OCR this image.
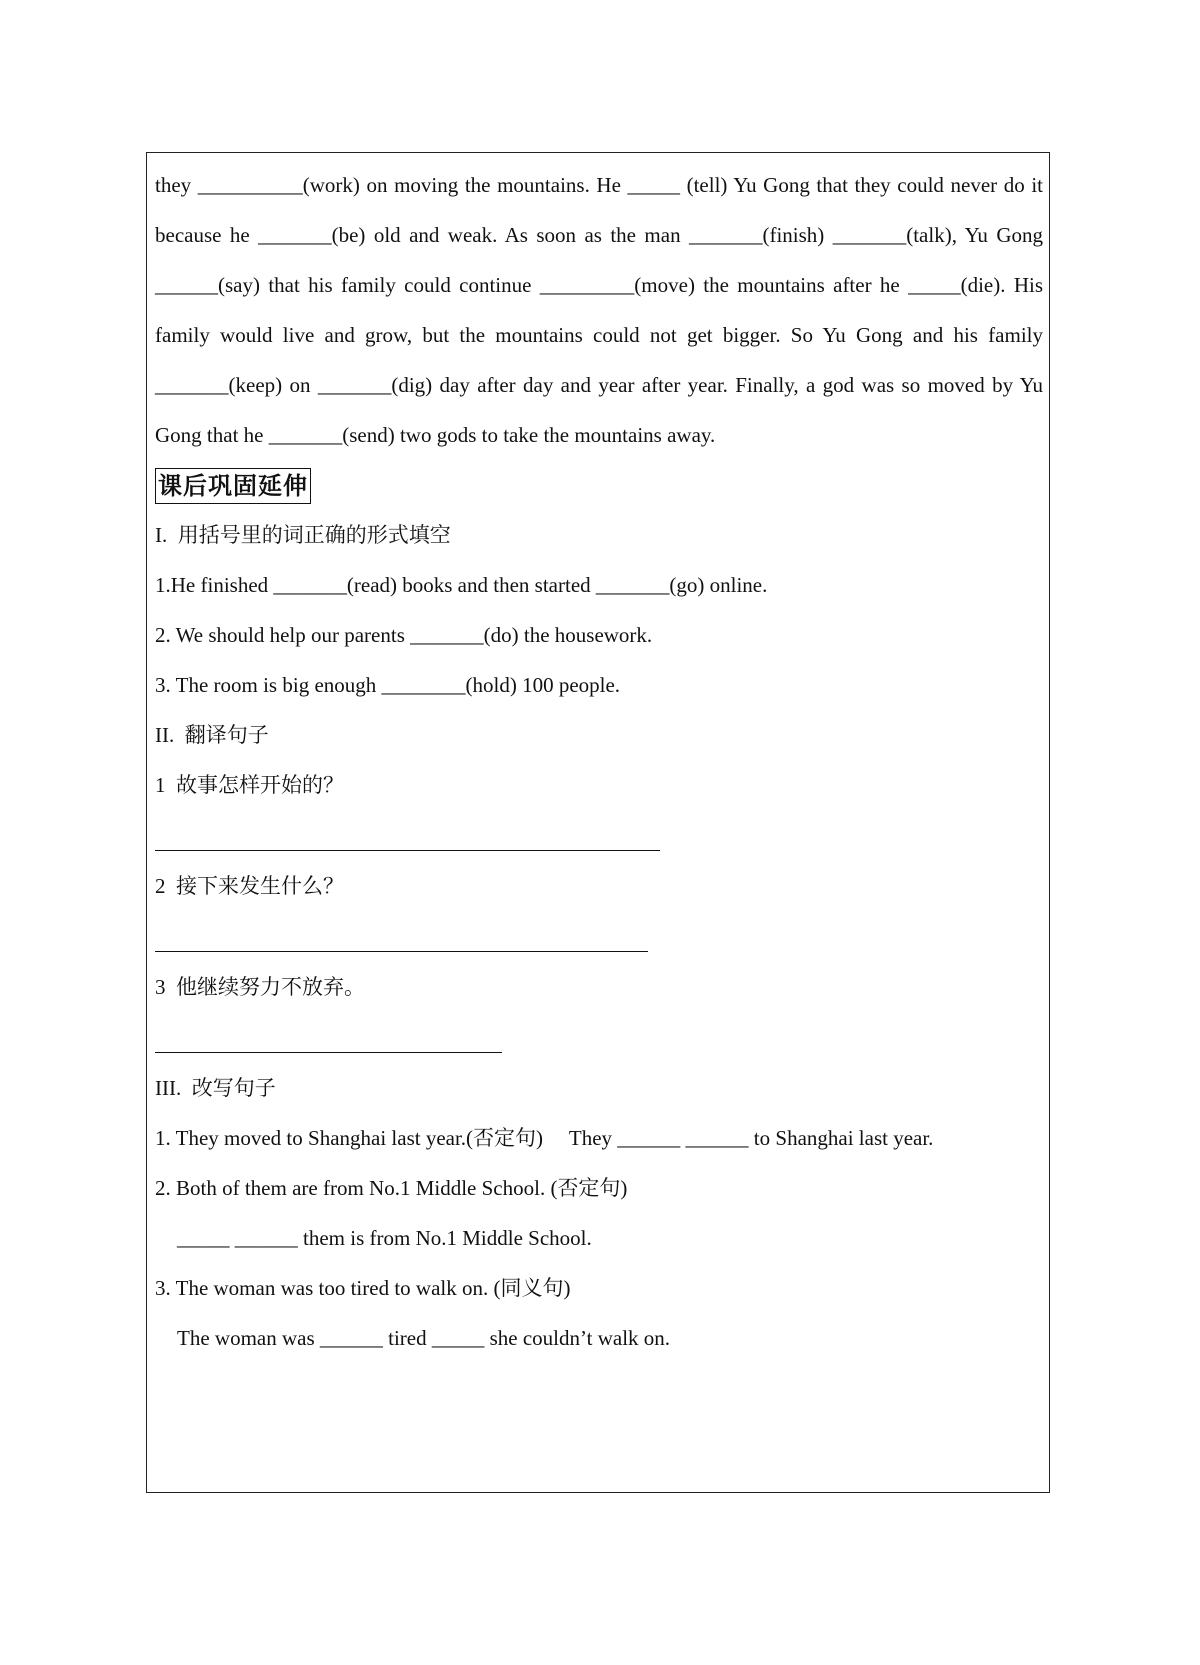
they __________(work) on moving the mountains. He _____ (tell) Yu Gong that they could never do it because he _______(be) old and weak. As soon as the man _______(finish) _______(talk), Yu Gong ______(say) that his family could continue _________(move) the mountains after he _____(die). His family would live and grow, but the mountains could not get bigger. So Yu Gong and his family _______(keep) on _______(dig) day after day and year after year. Finally, a god was so moved by Yu Gong that he _______(send) two gods to take the mountains away.

课后巩固延伸
I.  用括号里的词正确的形式填空
1.He finished _______(read) books and then started _______(go) online.
2. We should help our parents _______(do) the housework.
3. The room is big enough ________(hold) 100 people.
II.  翻译句子
1  故事怎样开始的？
2  接下来发生什么？
3  他继续努力不放弃。
III.  改写句子
1. They moved to Shanghai last year.(否定句)     They ______ ______ to Shanghai last year.
2. Both of them are from No.1 Middle School. (否定句)
_____ ______ them is from No.1 Middle School.
3. The woman was too tired to walk on. (同义句)
The woman was ______ tired _____ she couldn’t walk on.
